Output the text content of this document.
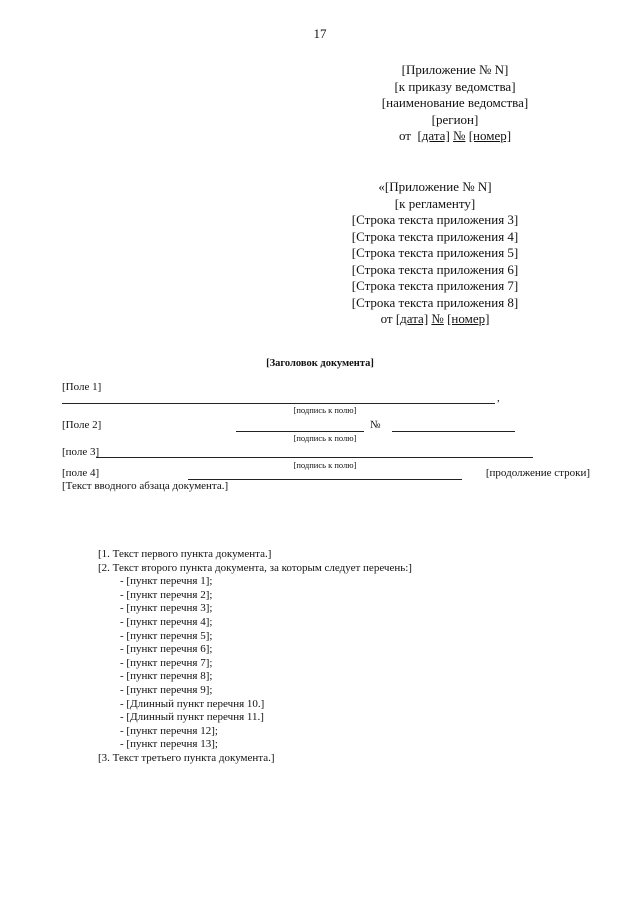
17
[Приложение № N]
[к приказу ведомства]
[наименование ведомства]
[регион]
от [дата] № [номер]
«[Приложение № N]
[к регламенту]
[Строка текста приложения 3]
[Строка текста приложения 4]
[Строка текста приложения 5]
[Строка текста приложения 6]
[Строка текста приложения 7]
[Строка текста приложения 8]
от [дата] № [номер]
[Заголовок документа]
[Поле 1]
,
[подпись к полю]
[Поле 2]	№
[подпись к полю]
[поле 3]
[подпись к полю]
[поле 4]	[продолжение строки]
[Текст вводного абзаца документа.]

[1. Текст первого пункта документа.]

[2. Текст второго пункта документа, за которым следует перечень:]

- [пункт перечня 1];

- [пункт перечня 2];

- [пункт перечня 3];

- [пункт перечня 4];

- [пункт перечня 5];

- [пункт перечня 6];

- [пункт перечня 7];

- [пункт перечня 8];

- [пункт перечня 9];

- [Длинный пункт перечня 10.]

- [Длинный пункт перечня 11.]

- [пункт перечня 12];

- [пункт перечня 13];

[3. Текст третьего пункта документа.]
